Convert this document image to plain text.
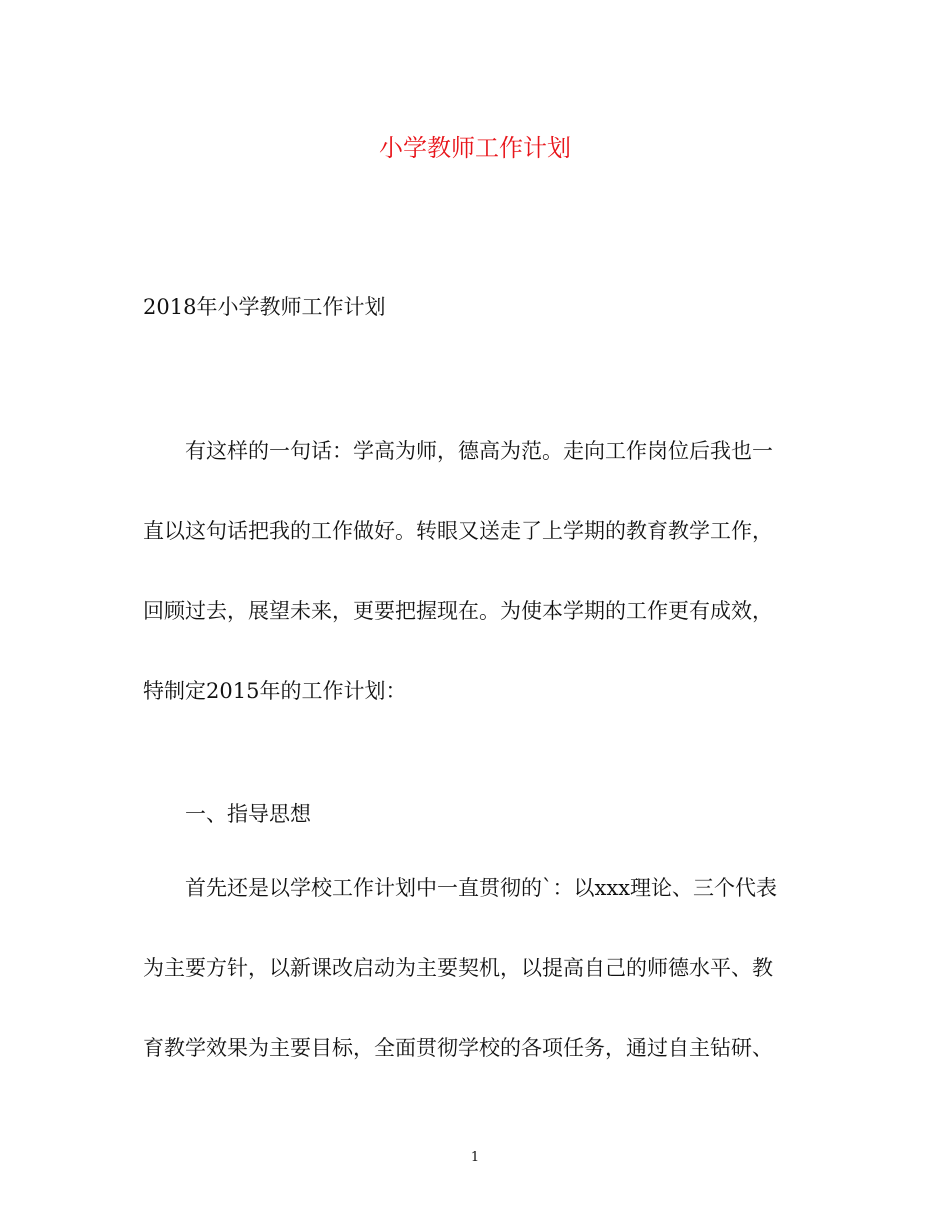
小学教师工作计划

2018年小学教师工作计划

有这样的一句话：学高为师，德高为范。走向工作岗位后我也一
直以这句话把我的工作做好。转眼又送走了上学期的教育教学工作，
回顾过去，展望未来，更要把握现在。为使本学期的工作更有成效，
特制定2015年的工作计划：

一、指导思想

首先还是以学校工作计划中一直贯彻的`：以xxx理论、三个代表
为主要方针，以新课改启动为主要契机，以提高自己的师德水平、教
育教学效果为主要目标，全面贯彻学校的各项任务，通过自主钻研、
1
